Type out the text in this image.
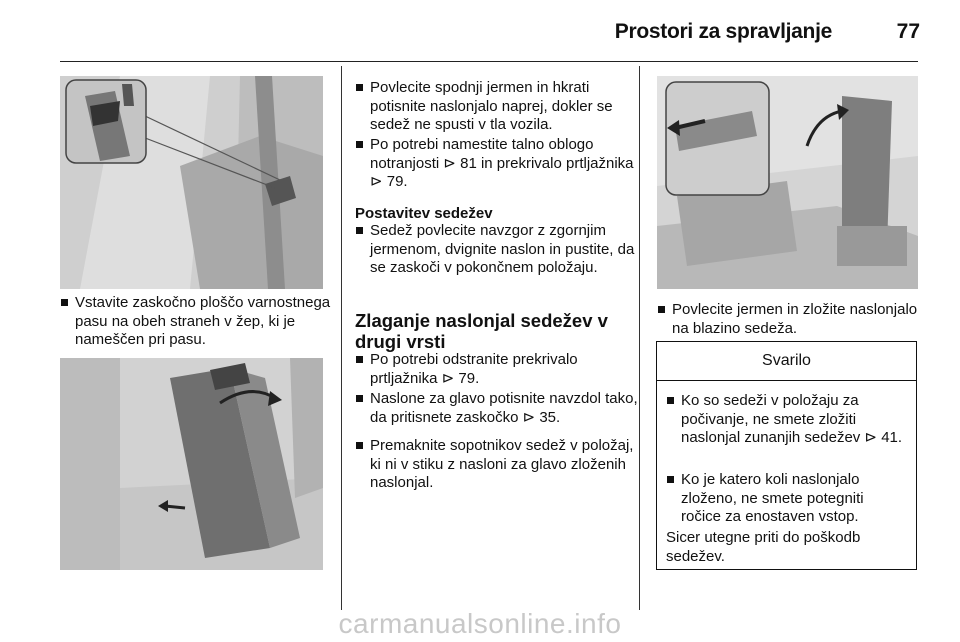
Prostori za spravljanje	77
Vstavite zaskočno ploščo varnostnega pasu na obeh straneh v žep, ki je nameščen pri pasu.
Povlecite spodnji jermen in hkrati potisnite naslonjalo naprej, dokler se sedež ne spusti v tla vozila.
Po potrebi namestite talno oblogo notranjosti ⊳ 81 in prekrivalo prtljažnika ⊳ 79.
Postavitev sedežev
Sedež povlecite navzgor z zgornjim jermenom, dvignite naslon in pustite, da se zaskoči v pokončnem položaju.
Zlaganje naslonjal sedežev v drugi vrsti
Po potrebi odstranite prekrivalo prtljažnika ⊳ 79.
Naslone za glavo potisnite navzdol tako, da pritisnete zaskočko ⊳ 35.
Premaknite sopotnikov sedež v položaj, ki ni v stiku z nasloni za glavo zloženih naslonjal.
Povlecite jermen in zložite naslonjalo na blazino sedeža.
Svarilo
Ko so sedeži v položaju za počivanje, ne smete zložiti naslonjal zunanjih sedežev ⊳ 41.
Ko je katero koli naslonjalo zloženo, ne smete potegniti ročice za enostaven vstop.
Sicer utegne priti do poškodb sedežev.
carmanualsonline.info
